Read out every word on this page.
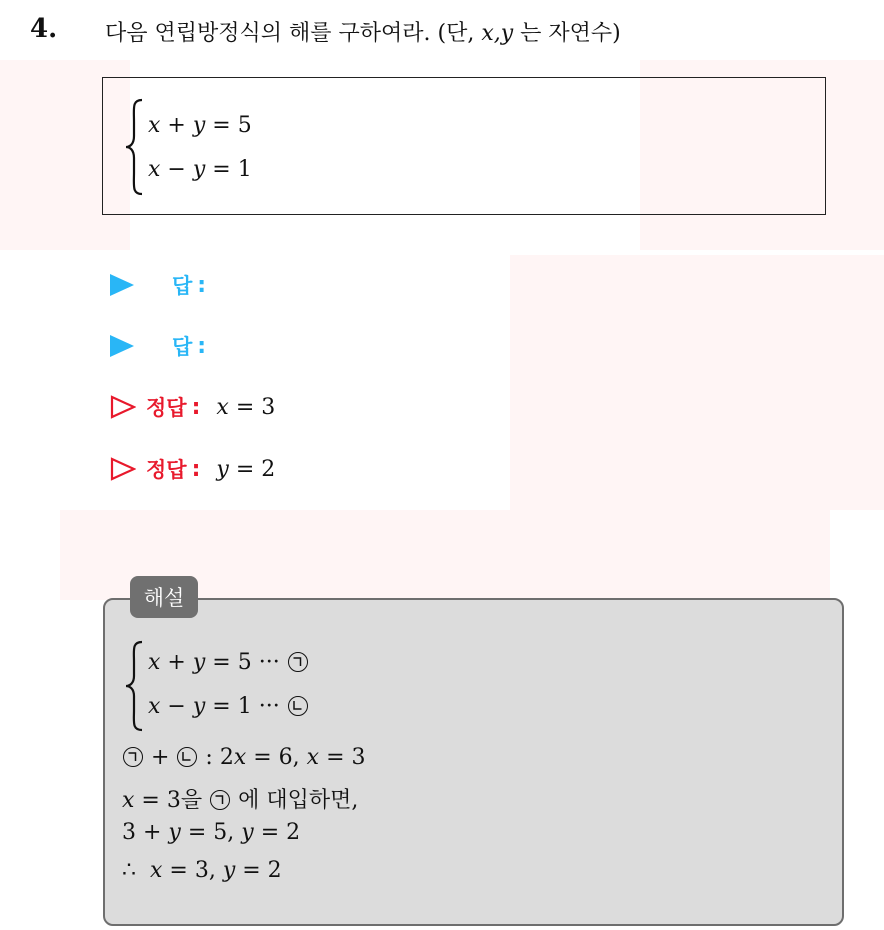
4. 다음 연립방정식의 해를 구하여라. (단, x,y 는 자연수)
x + y = 5
x − y = 1
답 :
답 :
정답 : x = 3
정답 : y = 2
해설
x + y = 5 ···
x − y = 1 ···
+
: 2x = 6, x = 3
x = 3을
에 대입하면,
3 + y = 5, y = 2
∴ x = 3, y = 2
